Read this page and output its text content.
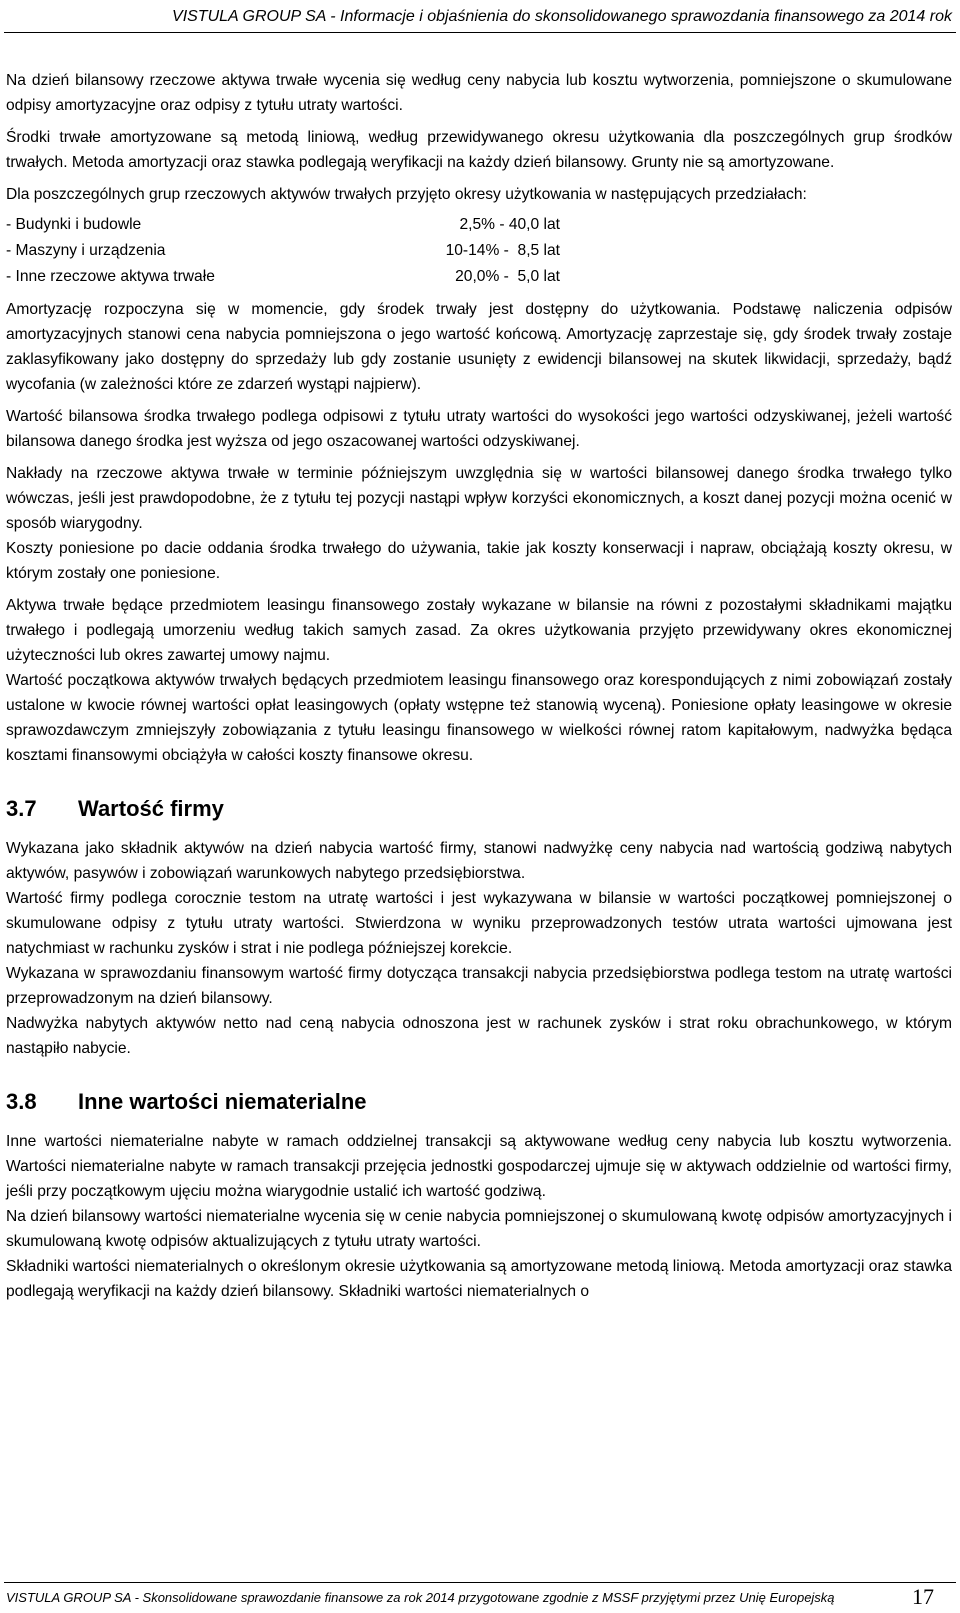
VISTULA GROUP SA - Informacje i objaśnienia do skonsolidowanego sprawozdania finansowego za 2014 rok

Na dzień bilansowy rzeczowe aktywa trwałe wycenia się według ceny nabycia lub kosztu wytworzenia, pomniejszone o skumulowane odpisy amortyzacyjne oraz odpisy z tytułu utraty wartości.

Środki trwałe amortyzowane są metodą liniową, według przewidywanego okresu użytkowania dla poszczególnych grup środków trwałych. Metoda amortyzacji oraz stawka podlegają weryfikacji na każdy dzień bilansowy. Grunty nie są amortyzowane.

Dla poszczególnych grup rzeczowych aktywów trwałych przyjęto okresy użytkowania w następujących przedziałach:

- Budynki i budowle	2,5% - 40,0 lat
- Maszyny i urządzenia	10-14% -  8,5 lat
- Inne rzeczowe aktywa trwałe	20,0% -  5,0 lat

Amortyzację rozpoczyna się w momencie, gdy środek trwały jest dostępny do użytkowania. Podstawę naliczenia odpisów amortyzacyjnych stanowi cena nabycia pomniejszona o jego wartość końcową. Amortyzację zaprzestaje się, gdy środek trwały zostaje zaklasyfikowany jako dostępny do sprzedaży lub gdy zostanie usunięty z ewidencji bilansowej na skutek likwidacji, sprzedaży, bądź wycofania (w zależności które ze zdarzeń wystąpi najpierw).

Wartość bilansowa środka trwałego podlega odpisowi z tytułu utraty wartości do wysokości jego wartości odzyskiwanej, jeżeli wartość bilansowa danego środka jest wyższa od jego oszacowanej wartości odzyskiwanej.

Nakłady na rzeczowe aktywa trwałe w terminie późniejszym uwzględnia się w wartości bilansowej danego środka trwałego tylko wówczas, jeśli jest prawdopodobne, że z tytułu tej pozycji nastąpi wpływ korzyści ekonomicznych, a koszt danej pozycji można ocenić w sposób wiarygodny.

Koszty poniesione po dacie oddania środka trwałego do używania, takie jak koszty konserwacji i napraw, obciążają koszty okresu, w którym zostały one poniesione.

Aktywa trwałe będące przedmiotem leasingu finansowego zostały wykazane w bilansie na równi z pozostałymi składnikami majątku trwałego i podlegają umorzeniu według takich samych zasad. Za okres użytkowania przyjęto przewidywany okres ekonomicznej użyteczności lub okres zawartej umowy najmu.

Wartość początkowa aktywów trwałych będących przedmiotem leasingu finansowego oraz korespondujących z nimi zobowiązań zostały ustalone w kwocie równej wartości opłat leasingowych (opłaty wstępne też stanowią wyceną). Poniesione opłaty leasingowe w okresie sprawozdawczym zmniejszyły zobowiązania z tytułu leasingu finansowego w wielkości równej ratom kapitałowym, nadwyżka będąca kosztami finansowymi obciążyła w całości koszty finansowe okresu.

3.7	Wartość firmy

Wykazana jako składnik aktywów na dzień nabycia wartość firmy, stanowi nadwyżkę ceny nabycia nad wartością godziwą nabytych aktywów, pasywów i zobowiązań warunkowych nabytego przedsiębiorstwa.

Wartość firmy podlega corocznie testom na utratę wartości i jest wykazywana w bilansie w wartości początkowej pomniejszonej o skumulowane odpisy z tytułu utraty wartości. Stwierdzona w wyniku przeprowadzonych testów utrata wartości ujmowana jest natychmiast w rachunku zysków i strat i nie podlega późniejszej korekcie.

Wykazana w sprawozdaniu finansowym wartość firmy dotycząca transakcji nabycia przedsiębiorstwa podlega testom na utratę wartości przeprowadzonym na dzień bilansowy.

Nadwyżka nabytych aktywów netto nad ceną nabycia odnoszona jest w rachunek zysków i strat roku obrachunkowego, w którym nastąpiło nabycie.

3.8	Inne wartości niematerialne

Inne wartości niematerialne nabyte w ramach oddzielnej transakcji są aktywowane według ceny nabycia lub kosztu wytworzenia. Wartości niematerialne nabyte w ramach transakcji przejęcia jednostki gospodarczej ujmuje się w aktywach oddzielnie od wartości firmy, jeśli przy początkowym ujęciu można wiarygodnie ustalić ich wartość godziwą.

Na dzień bilansowy wartości niematerialne wycenia się w cenie nabycia pomniejszonej o skumulowaną kwotę odpisów amortyzacyjnych i skumulowaną kwotę odpisów aktualizujących z tytułu utraty wartości.

Składniki wartości niematerialnych o określonym okresie użytkowania są amortyzowane metodą liniową. Metoda amortyzacji oraz stawka podlegają weryfikacji na każdy dzień bilansowy. Składniki wartości niematerialnych o

VISTULA GROUP SA - Skonsolidowane sprawozdanie finansowe za rok 2014 przygotowane zgodnie z MSSF przyjętymi przez Unię Europejską	17
